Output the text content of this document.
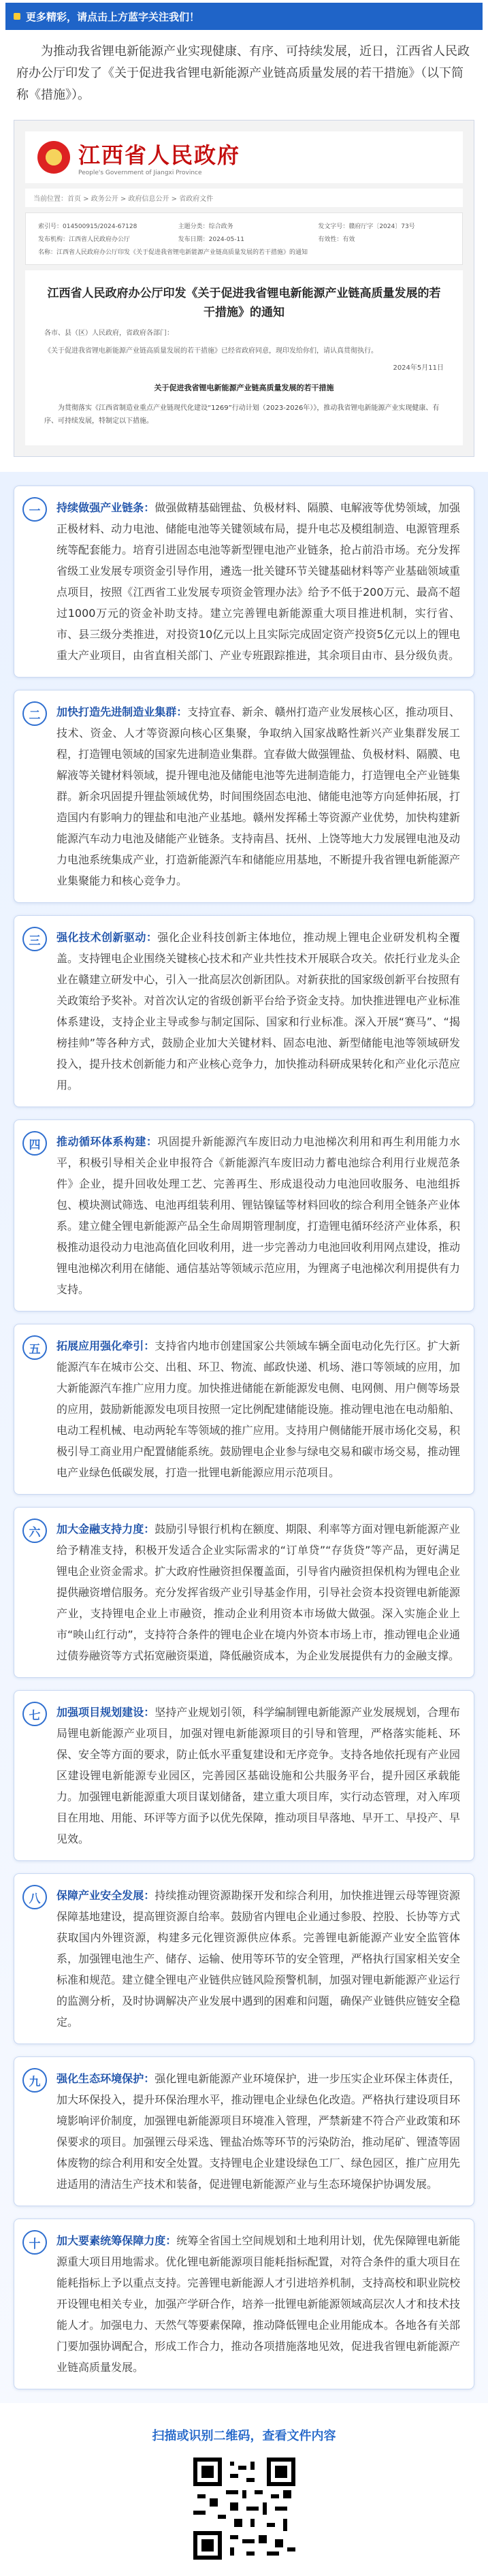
更多精彩，请点击上方蓝字关注我们！

为推动我省锂电新能源产业实现健康、有序、可持续发展，近日，江西省人民政府办公厅印发了《关于促进我省锂电新能源产业链高质量发展的若干措施》（以下简称《措施》）。

江西省人民政府
People's Government of Jiangxi Province
当前位置：首页 > 政务公开 > 政府信息公开 > 省政府文件
索引号：014500915/2024-67128	主题分类：综合政务	发文字号：赣府厅字〔2024〕73号
发布机构：江西省人民政府办公厅	发布日期：2024-05-11	有效性：有效
名称：江西省人民政府办公厅印发《关于促进我省锂电新能源产业链高质量发展的若干措施》的通知
江西省人民政府办公厅印发《关于促进我省锂电新能源产业链高质量发展的若干措施》的通知
各市、县（区）人民政府，省政府各部门：
《关于促进我省锂电新能源产业链高质量发展的若干措施》已经省政府同意，现印发给你们，请认真贯彻执行。
2024年5月11日
关于促进我省锂电新能源产业链高质量发展的若干措施
为贯彻落实《江西省制造业重点产业链现代化建设“1269”行动计划（2023-2026年）》，推动我省锂电新能源产业实现健康、有序、可持续发展，特制定以下措施。
一	持续做强产业链条：做强做精基础锂盐、负极材料、隔膜、电解液等优势领域，加强正极材料、动力电池、储能电池等关键领域布局，提升电芯及模组制造、电源管理系统等配套能力。培育引进固态电池等新型锂电池产业链条，抢占前沿市场。充分发挥省级工业发展专项资金引导作用，遴选一批关键环节关键基础材料等产业基础领域重点项目，按照《江西省工业发展专项资金管理办法》给予不低于200万元、最高不超过1000万元的资金补助支持。建立完善锂电新能源重大项目推进机制，实行省、市、县三级分类推进，对投资10亿元以上且实际完成固定资产投资5亿元以上的锂电重大产业项目，由省直相关部门、产业专班跟踪推进，其余项目由市、县分级负责。

二	加快打造先进制造业集群：支持宜春、新余、赣州打造产业发展核心区，推动项目、技术、资金、人才等资源向核心区集聚，争取纳入国家战略性新兴产业集群发展工程，打造锂电领域的国家先进制造业集群。宜春做大做强锂盐、负极材料、隔膜、电解液等关键材料领域，提升锂电池及储能电池等先进制造能力，打造锂电全产业链集群。新余巩固提升锂盐领域优势，时间围绕固态电池、储能电池等方向延伸拓展，打造国内有影响力的锂盐和电池产业基地。赣州发挥稀土等资源产业优势，加快构建新能源汽车动力电池及储能产业链条。支持南昌、抚州、上饶等地大力发展锂电池及动力电池系统集成产业，打造新能源汽车和储能应用基地，不断提升我省锂电新能源产业集聚能力和核心竞争力。

三	强化技术创新驱动：强化企业科技创新主体地位，推动规上锂电企业研发机构全覆盖。支持锂电企业围绕关键核心技术和产业共性技术开展联合攻关。依托行业龙头企业在赣建立研发中心，引入一批高层次创新团队。对新获批的国家级创新平台按照有关政策给予奖补。对首次认定的省级创新平台给予资金支持。加快推进锂电产业标准体系建设，支持企业主导或参与制定国际、国家和行业标准。深入开展“赛马”、“揭榜挂帅”等各种方式，鼓励企业加大关键材料、固态电池、新型储能电池等领域研发投入，提升技术创新能力和产业核心竞争力，加快推动科研成果转化和产业化示范应用。

四	推动循环体系构建：巩固提升新能源汽车废旧动力电池梯次利用和再生利用能力水平，积极引导相关企业申报符合《新能源汽车废旧动力蓄电池综合利用行业规范条件》企业，提升回收处理工艺、完善再生、形成退役动力电池回收服务、电池组拆包、模块测试筛选、电池再组装利用、锂钴镍锰等材料回收的综合利用全链条产业体系。建立健全锂电新能源产品全生命周期管理制度，打造锂电循环经济产业体系，积极推动退役动力电池高值化回收利用，进一步完善动力电池回收利用网点建设，推动锂电池梯次利用在储能、通信基站等领域示范应用，为锂离子电池梯次利用提供有力支持。

五	拓展应用强化牵引：支持省内地市创建国家公共领域车辆全面电动化先行区。扩大新能源汽车在城市公交、出租、环卫、物流、邮政快递、机场、港口等领域的应用，加大新能源汽车推广应用力度。加快推进储能在新能源发电侧、电网侧、用户侧等场景的应用，鼓励新能源发电项目按照一定比例配建储能设施。推动锂电池在电动船舶、电动工程机械、电动两轮车等领域的推广应用。支持用户侧储能开展市场化交易，积极引导工商业用户配置储能系统。鼓励锂电企业参与绿电交易和碳市场交易，推动锂电产业绿色低碳发展，打造一批锂电新能源应用示范项目。

六	加大金融支持力度：鼓励引导银行机构在额度、期限、利率等方面对锂电新能源产业给予精准支持，积极开发适合企业实际需求的“订单贷”“存货贷”等产品，更好满足锂电企业资金需求。扩大政府性融资担保覆盖面，引导省内融资担保机构为锂电企业提供融资增信服务。充分发挥省级产业引导基金作用，引导社会资本投资锂电新能源产业，支持锂电企业上市融资，推动企业利用资本市场做大做强。深入实施企业上市“映山红行动”，支持符合条件的锂电企业在境内外资本市场上市，推动锂电企业通过债券融资等方式拓宽融资渠道，降低融资成本，为企业发展提供有力的金融支撑。

七	加强项目规划建设：坚持产业规划引领，科学编制锂电新能源产业发展规划，合理布局锂电新能源产业项目，加强对锂电新能源项目的引导和管理，严格落实能耗、环保、安全等方面的要求，防止低水平重复建设和无序竞争。支持各地依托现有产业园区建设锂电新能源专业园区，完善园区基础设施和公共服务平台，提升园区承载能力。加强锂电新能源重大项目谋划储备，建立重大项目库，实行动态管理，对入库项目在用地、用能、环评等方面予以优先保障，推动项目早落地、早开工、早投产、早见效。

八	保障产业安全发展：持续推动锂资源勘探开发和综合利用，加快推进锂云母等锂资源保障基地建设，提高锂资源自给率。鼓励省内锂电企业通过参股、控股、长协等方式获取国内外锂资源，构建多元化锂资源供应体系。完善锂电新能源产业安全监管体系，加强锂电池生产、储存、运输、使用等环节的安全管理，严格执行国家相关安全标准和规范。建立健全锂电产业链供应链风险预警机制，加强对锂电新能源产业运行的监测分析，及时协调解决产业发展中遇到的困难和问题，确保产业链供应链安全稳定。

九	强化生态环境保护：强化锂电新能源产业环境保护，进一步压实企业环保主体责任，加大环保投入，提升环保治理水平，推动锂电企业绿色化改造。严格执行建设项目环境影响评价制度，加强锂电新能源项目环境准入管理，严禁新建不符合产业政策和环保要求的项目。加强锂云母采选、锂盐冶炼等环节的污染防治，推动尾矿、锂渣等固体废物的综合利用和安全处置。支持锂电企业建设绿色工厂、绿色园区，推广应用先进适用的清洁生产技术和装备，促进锂电新能源产业与生态环境保护协调发展。

十	加大要素统筹保障力度：统筹全省国土空间规划和土地利用计划，优先保障锂电新能源重大项目用地需求。优化锂电新能源项目能耗指标配置，对符合条件的重大项目在能耗指标上予以重点支持。完善锂电新能源人才引进培养机制，支持高校和职业院校开设锂电相关专业，加强产学研合作，培养一批锂电新能源领域高层次人才和技术技能人才。加强电力、天然气等要素保障，推动降低锂电企业用能成本。各地各有关部门要加强协调配合，形成工作合力，推动各项措施落地见效，促进我省锂电新能源产业链高质量发展。

扫描或识别二维码，查看文件内容
